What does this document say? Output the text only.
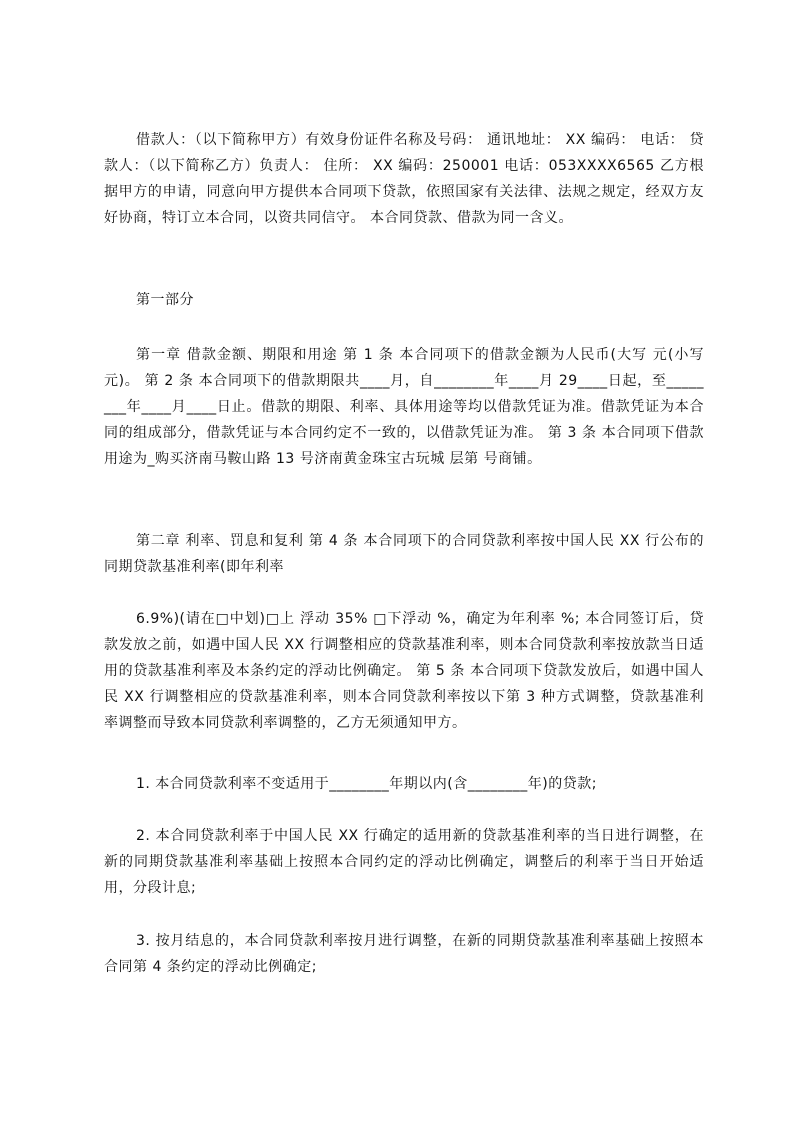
借款人：（以下简称甲方）有效身份证件名称及号码： 通讯地址： XX 编码： 电话： 贷款人：（以下简称乙方）负责人： 住所： XX 编码：250001 电话：053XXXX6565 乙方根据甲方的申请，同意向甲方提供本合同项下贷款，依照国家有关法律、法规之规定，经双方友好协商，特订立本合同，以资共同信守。 本合同贷款、借款为同一含义。
第一部分
第一章 借款金额、期限和用途 第 1 条 本合同项下的借款金额为人民币(大写 元(小写 元)。 第 2 条 本合同项下的借款期限共____月，自________年____月 29____日起，至________年____月____日止。借款的期限、利率、具体用途等均以借款凭证为准。借款凭证为本合同的组成部分，借款凭证与本合同约定不一致的，以借款凭证为准。 第 3 条 本合同项下借款用途为_购买济南马鞍山路 13 号济南黄金珠宝古玩城 层第 号商铺。
第二章 利率、罚息和复利 第 4 条 本合同项下的合同贷款利率按中国人民 XX 行公布的同期贷款基准利率(即年利率
6.9%)(请在□中划)□上 浮动 35% □下浮动 %，确定为年利率 %; 本合同签订后，贷款发放之前，如遇中国人民 XX 行调整相应的贷款基准利率，则本合同贷款利率按放款当日适用的贷款基准利率及本条约定的浮动比例确定。 第 5 条 本合同项下贷款发放后，如遇中国人民 XX 行调整相应的贷款基准利率，则本合同贷款利率按以下第 3 种方式调整，贷款基准利率调整而导致本同贷款利率调整的，乙方无须通知甲方。
1. 本合同贷款利率不变适用于________年期以内(含________年)的贷款;
2. 本合同贷款利率于中国人民 XX 行确定的适用新的贷款基准利率的当日进行调整，在新的同期贷款基准利率基础上按照本合同约定的浮动比例确定，调整后的利率于当日开始适用，分段计息;
3. 按月结息的，本合同贷款利率按月进行调整，在新的同期贷款基准利率基础上按照本合同第 4 条约定的浮动比例确定;
